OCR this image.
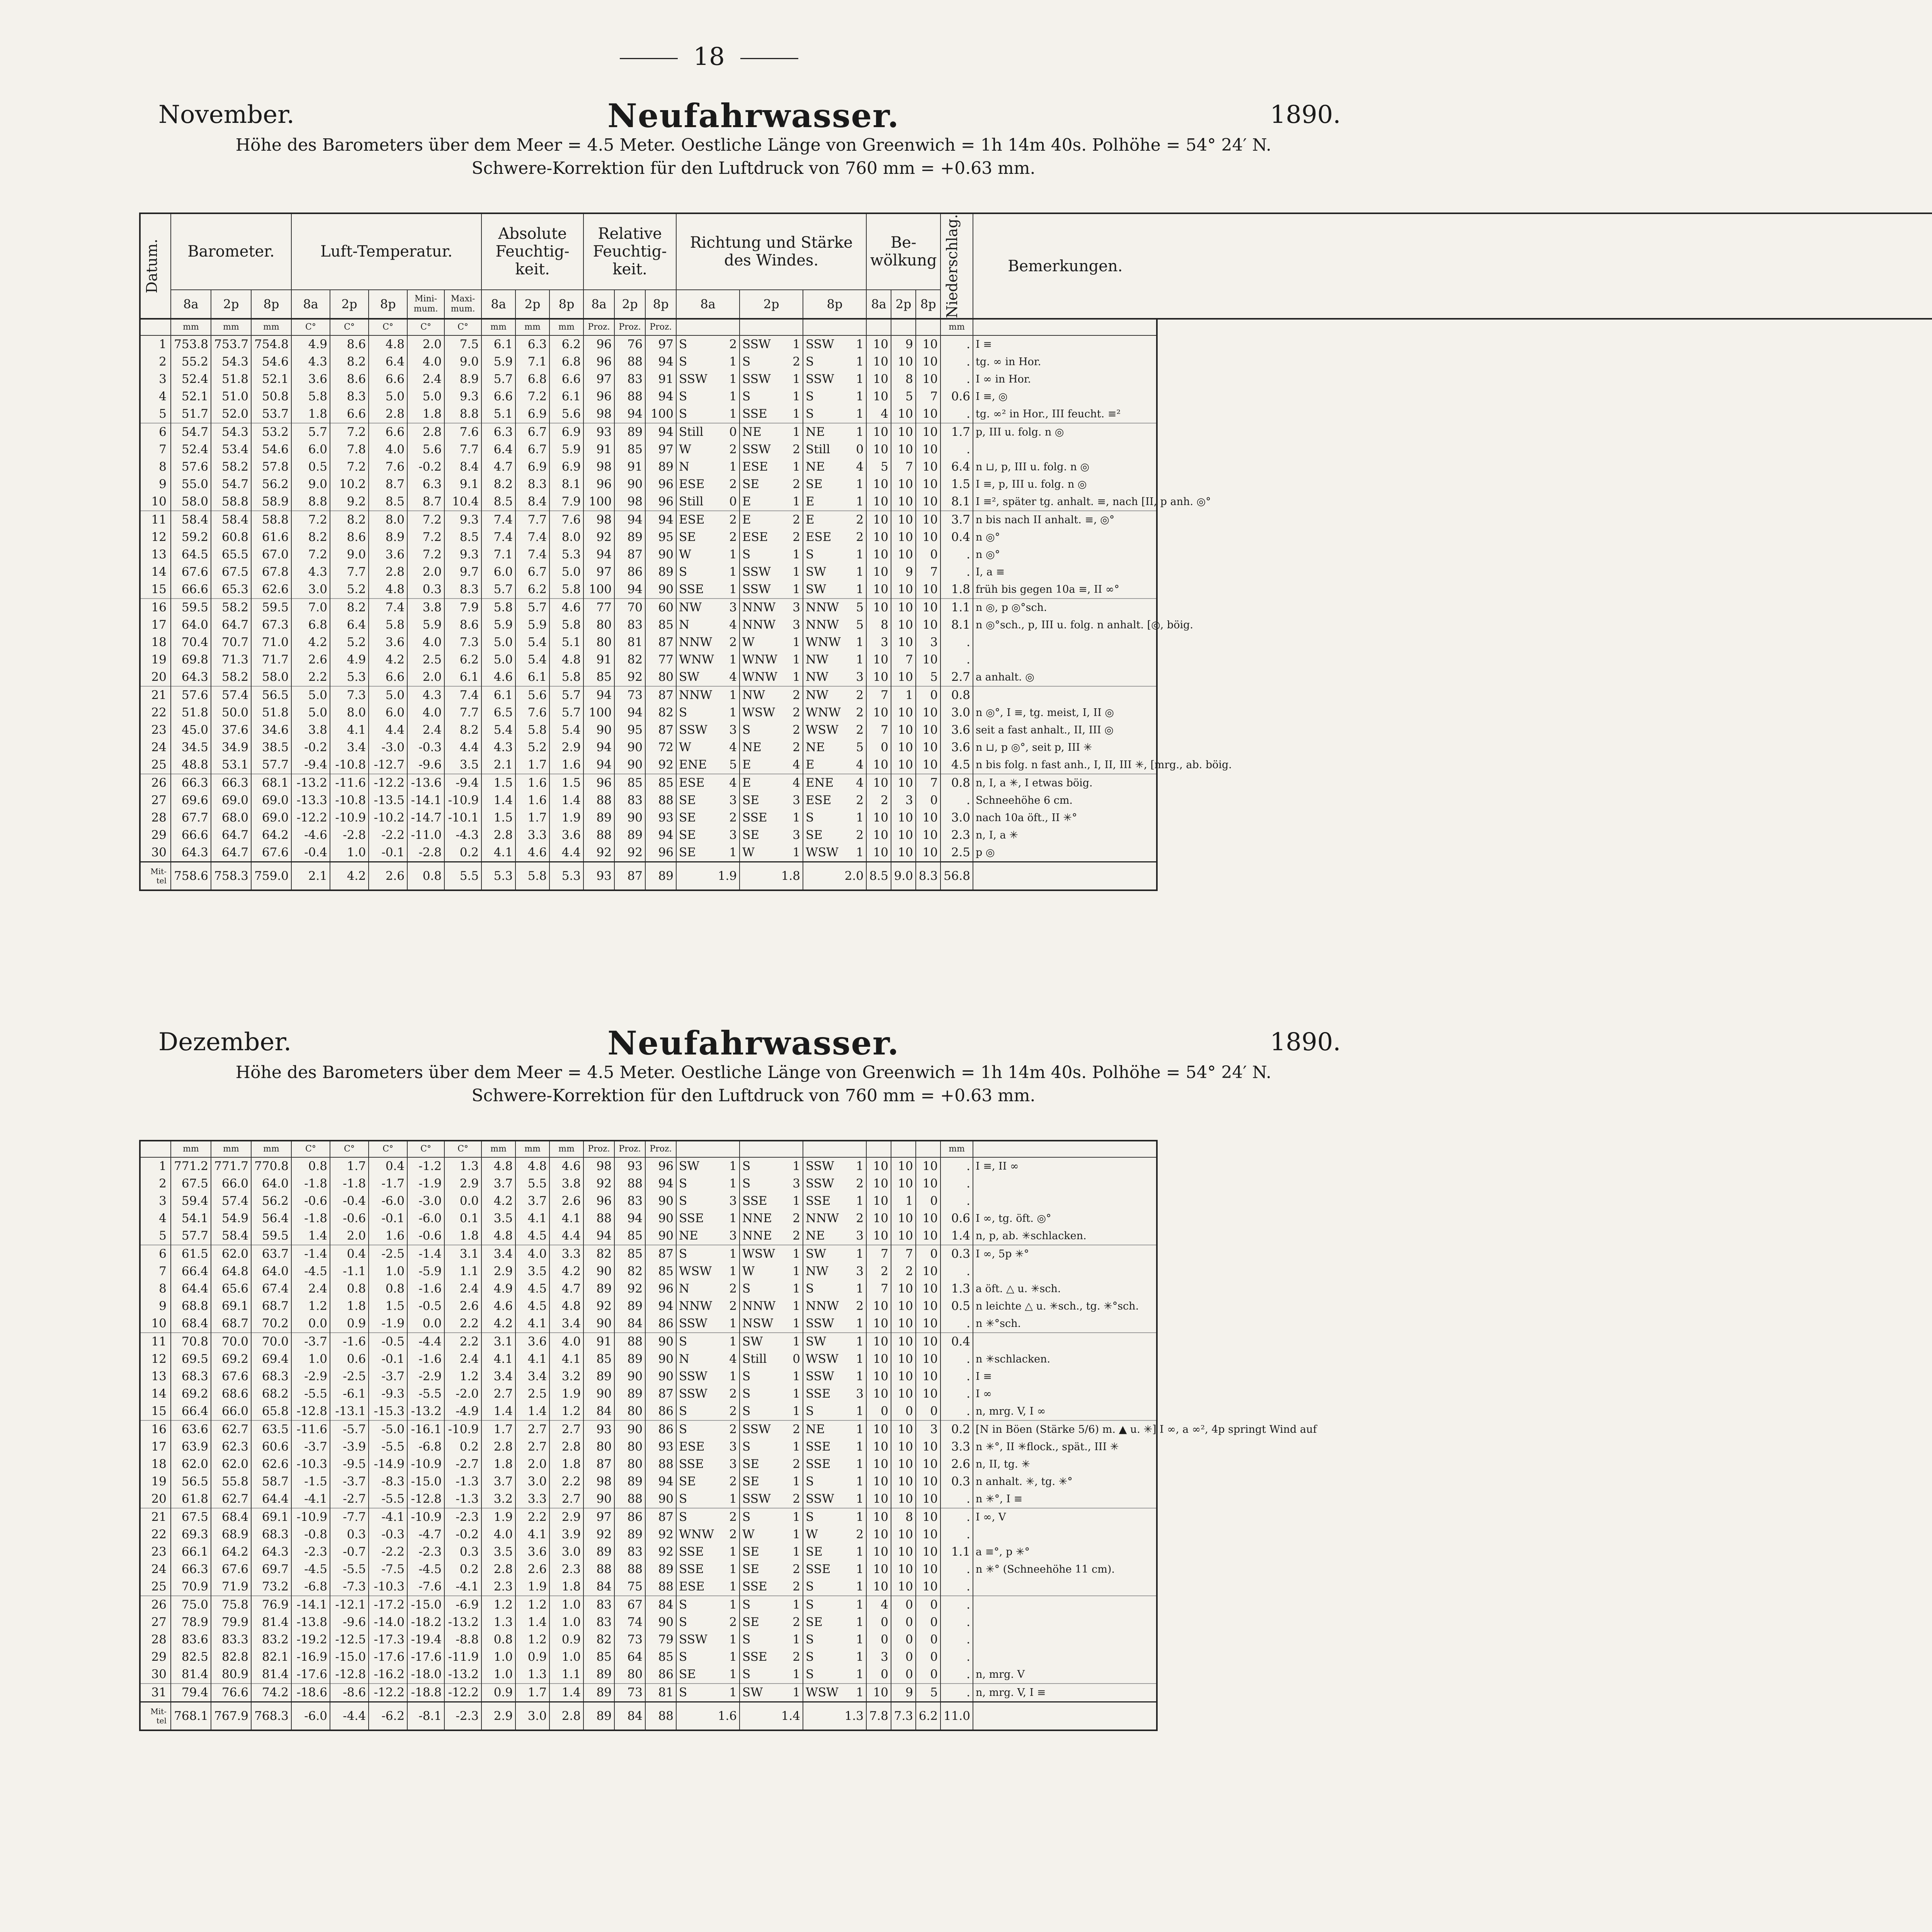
18
November.	Neufahrwasser.	1890.
Höhe des Barometers über dem Meer = 4.5 Meter. Oestliche Länge von Greenwich = 1h 14m 40s. Polhöhe = 54° 24′ N.
Schwere-Korrektion für den Luftdruck von 760 mm = +0.63 mm.
Datum.	Barometer.			Luft-Temperatur.					Absolute Feuchtig-keit.			Relative Feuchtig-keit.			Richtung und Stärke des Windes.			Be-wölkung			Niederschlag.	Bemerkungen.
	8a	2p	8p	8a	2p	8p	Mini-mum.	Maxi-mum.	8a	2p	8p	8a	2p	8p	8a	2p	8p	8a	2p	8p		
	mm	mm	mm	C°	C°	C°	C°	C°	mm	mm	mm	Proz.	Proz.	Proz.										mm	
1	753.8	753.7	754.8	4.9	8.6	4.8	2.0	7.5	6.1	6.3	6.2	96	76	97	S	2	SSW	1	SSW	1	10	9	10	.	I ≡
2	55.2	54.3	54.6	4.3	8.2	6.4	4.0	9.0	5.9	7.1	6.8	96	88	94	S	1	S	2	S	1	10	10	10	.	tg. ∞ in Hor.
3	52.4	51.8	52.1	3.6	8.6	6.6	2.4	8.9	5.7	6.8	6.6	97	83	91	SSW	1	SSW	1	SSW	1	10	8	10	.	I ∞ in Hor.
4	52.1	51.0	50.8	5.8	8.3	5.0	5.0	9.3	6.6	7.2	6.1	96	88	94	S	1	S	1	S	1	10	5	7	0.6	I ≡, ◎
5	51.7	52.0	53.7	1.8	6.6	2.8	1.8	8.8	5.1	6.9	5.6	98	94	100	S	1	SSE	1	S	1	4	10	10	.	tg. ∞² in Hor., III feucht. ≡²
6	54.7	54.3	53.2	5.7	7.2	6.6	2.8	7.6	6.3	6.7	6.9	93	89	94	Still	0	NE	1	NE	1	10	10	10	1.7	p, III u. folg. n ◎
7	52.4	53.4	54.6	6.0	7.8	4.0	5.6	7.7	6.4	6.7	5.9	91	85	97	W	2	SSW	2	Still	0	10	10	10	.	
8	57.6	58.2	57.8	0.5	7.2	7.6	-0.2	8.4	4.7	6.9	6.9	98	91	89	N	1	ESE	1	NE	4	5	7	10	6.4	n ⊔, p, III u. folg. n ◎
9	55.0	54.7	56.2	9.0	10.2	8.7	6.3	9.1	8.2	8.3	8.1	96	90	96	ESE	2	SE	2	SE	1	10	10	10	1.5	I ≡, p, III u. folg. n ◎
10	58.0	58.8	58.9	8.8	9.2	8.5	8.7	10.4	8.5	8.4	7.9	100	98	96	Still	0	E	1	E	1	10	10	10	8.1	I ≡², später tg. anhalt. ≡, nach [II, p anh. ◎°
11	58.4	58.4	58.8	7.2	8.2	8.0	7.2	9.3	7.4	7.7	7.6	98	94	94	ESE	2	E	2	E	2	10	10	10	3.7	n bis nach II anhalt. ≡, ◎°
12	59.2	60.8	61.6	8.2	8.6	8.9	7.2	8.5	7.4	7.4	8.0	92	89	95	SE	2	ESE	2	ESE	2	10	10	10	0.4	n ◎°
13	64.5	65.5	67.0	7.2	9.0	3.6	7.2	9.3	7.1	7.4	5.3	94	87	90	W	1	S	1	S	1	10	10	0	.	n ◎°
14	67.6	67.5	67.8	4.3	7.7	2.8	2.0	9.7	6.0	6.7	5.0	97	86	89	S	1	SSW	1	SW	1	10	9	7	.	I, a ≡
15	66.6	65.3	62.6	3.0	5.2	4.8	0.3	8.3	5.7	6.2	5.8	100	94	90	SSE	1	SSW	1	SW	1	10	10	10	1.8	früh bis gegen 10a ≡, II ∞°
16	59.5	58.2	59.5	7.0	8.2	7.4	3.8	7.9	5.8	5.7	4.6	77	70	60	NW	3	NNW	3	NNW	5	10	10	10	1.1	n ◎, p ◎°sch.
17	64.0	64.7	67.3	6.8	6.4	5.8	5.9	8.6	5.9	5.9	5.8	80	83	85	N	4	NNW	3	NNW	5	8	10	10	8.1	n ◎°sch., p, III u. folg. n anhalt. [◎, böig.
18	70.4	70.7	71.0	4.2	5.2	3.6	4.0	7.3	5.0	5.4	5.1	80	81	87	NNW	2	W	1	WNW	1	3	10	3	.	
19	69.8	71.3	71.7	2.6	4.9	4.2	2.5	6.2	5.0	5.4	4.8	91	82	77	WNW	1	WNW	1	NW	1	10	7	10	.	
20	64.3	58.2	58.0	2.2	5.3	6.6	2.0	6.1	4.6	6.1	5.8	85	92	80	SW	4	WNW	1	NW	3	10	10	5	2.7	a anhalt. ◎
21	57.6	57.4	56.5	5.0	7.3	5.0	4.3	7.4	6.1	5.6	5.7	94	73	87	NNW	1	NW	2	NW	2	7	1	0	0.8	
22	51.8	50.0	51.8	5.0	8.0	6.0	4.0	7.7	6.5	7.6	5.7	100	94	82	S	1	WSW	2	WNW	2	10	10	10	3.0	n ◎°, I ≡, tg. meist, I, II ◎
23	45.0	37.6	34.6	3.8	4.1	4.4	2.4	8.2	5.4	5.8	5.4	90	95	87	SSW	3	S	2	WSW	2	7	10	10	3.6	seit a fast anhalt., II, III ◎
24	34.5	34.9	38.5	-0.2	3.4	-3.0	-0.3	4.4	4.3	5.2	2.9	94	90	72	W	4	NE	2	NE	5	0	10	10	3.6	n ⊔, p ◎°, seit p, III ✳
25	48.8	53.1	57.7	-9.4	-10.8	-12.7	-9.6	3.5	2.1	1.7	1.6	94	90	92	ENE	5	E	4	E	4	10	10	10	4.5	n bis folg. n fast anh., I, II, III ✳, [mrg., ab. böig.
26	66.3	66.3	68.1	-13.2	-11.6	-12.2	-13.6	-9.4	1.5	1.6	1.5	96	85	85	ESE	4	E	4	ENE	4	10	10	7	0.8	n, I, a ✳, I etwas böig.
27	69.6	69.0	69.0	-13.3	-10.8	-13.5	-14.1	-10.9	1.4	1.6	1.4	88	83	88	SE	3	SE	3	ESE	2	2	3	0	.	Schneehöhe 6 cm.
28	67.7	68.0	69.0	-12.2	-10.9	-10.2	-14.7	-10.1	1.5	1.7	1.9	89	90	93	SE	2	SSE	1	S	1	10	10	10	3.0	nach 10a öft., II ✳°
29	66.6	64.7	64.2	-4.6	-2.8	-2.2	-11.0	-4.3	2.8	3.3	3.6	88	89	94	SE	3	SE	3	SE	2	10	10	10	2.3	n, I, a ✳
30	64.3	64.7	67.6	-0.4	1.0	-0.1	-2.8	0.2	4.1	4.6	4.4	92	92	96	SE	1	W	1	WSW	1	10	10	10	2.5	p ◎
Mit-tel	758.6	758.3	759.0	2.1	4.2	2.6	0.8	5.5	5.3	5.8	5.3	93	87	89	1.9		1.8		2.0		8.5	9.0	8.3	56.8	
Dezember.	Neufahrwasser.	1890.
Höhe des Barometers über dem Meer = 4.5 Meter. Oestliche Länge von Greenwich = 1h 14m 40s. Polhöhe = 54° 24′ N.
Schwere-Korrektion für den Luftdruck von 760 mm = +0.63 mm.
	mm	mm	mm	C°	C°	C°	C°	C°	mm	mm	mm	Proz.	Proz.	Proz.										mm	
1	771.2	771.7	770.8	0.8	1.7	0.4	-1.2	1.3	4.8	4.8	4.6	98	93	96	SW	1	S	1	SSW	1	10	10	10	.	I ≡, II ∞
2	67.5	66.0	64.0	-1.8	-1.8	-1.7	-1.9	2.9	3.7	5.5	3.8	92	88	94	S	1	S	3	SSW	2	10	10	10	.	
3	59.4	57.4	56.2	-0.6	-0.4	-6.0	-3.0	0.0	4.2	3.7	2.6	96	83	90	S	3	SSE	1	SSE	1	10	1	0	.	
4	54.1	54.9	56.4	-1.8	-0.6	-0.1	-6.0	0.1	3.5	4.1	4.1	88	94	90	SSE	1	NNE	2	NNW	2	10	10	10	0.6	I ∞, tg. öft. ◎°
5	57.7	58.4	59.5	1.4	2.0	1.6	-0.6	1.8	4.8	4.5	4.4	94	85	90	NE	3	NNE	2	NE	3	10	10	10	1.4	n, p, ab. ✳schlacken.
6	61.5	62.0	63.7	-1.4	0.4	-2.5	-1.4	3.1	3.4	4.0	3.3	82	85	87	S	1	WSW	1	SW	1	7	7	0	0.3	I ∞, 5p ✳°
7	66.4	64.8	64.0	-4.5	-1.1	1.0	-5.9	1.1	2.9	3.5	4.2	90	82	85	WSW	1	W	1	NW	3	2	2	10	.	
8	64.4	65.6	67.4	2.4	0.8	0.8	-1.6	2.4	4.9	4.5	4.7	89	92	96	N	2	S	1	S	1	7	10	10	1.3	a öft. △ u. ✳sch.
9	68.8	69.1	68.7	1.2	1.8	1.5	-0.5	2.6	4.6	4.5	4.8	92	89	94	NNW	2	NNW	1	NNW	2	10	10	10	0.5	n leichte △ u. ✳sch., tg. ✳°sch.
10	68.4	68.7	70.2	0.0	0.9	-1.9	0.0	2.2	4.2	4.1	3.4	90	84	86	SSW	1	NSW	1	SSW	1	10	10	10	.	n ✳°sch.
11	70.8	70.0	70.0	-3.7	-1.6	-0.5	-4.4	2.2	3.1	3.6	4.0	91	88	90	S	1	SW	1	SW	1	10	10	10	0.4	
12	69.5	69.2	69.4	1.0	0.6	-0.1	-1.6	2.4	4.1	4.1	4.1	85	89	90	N	4	Still	0	WSW	1	10	10	10	.	n ✳schlacken.
13	68.3	67.6	68.3	-2.9	-2.5	-3.7	-2.9	1.2	3.4	3.4	3.2	89	90	90	SSW	1	S	1	SSW	1	10	10	10	.	I ≡
14	69.2	68.6	68.2	-5.5	-6.1	-9.3	-5.5	-2.0	2.7	2.5	1.9	90	89	87	SSW	2	S	1	SSE	3	10	10	10	.	I ∞
15	66.4	66.0	65.8	-12.8	-13.1	-15.3	-13.2	-4.9	1.4	1.4	1.2	84	80	86	S	2	S	1	S	1	0	0	0	.	n, mrg. V, I ∞
16	63.6	62.7	63.5	-11.6	-5.7	-5.0	-16.1	-10.9	1.7	2.7	2.7	93	90	86	S	2	SSW	2	NE	1	10	10	3	0.2	[N in Böen (Stärke 5/6) m. ▲ u. ✳] I ∞, a ∞², 4p springt Wind auf
17	63.9	62.3	60.6	-3.7	-3.9	-5.5	-6.8	0.2	2.8	2.7	2.8	80	80	93	ESE	3	S	1	SSE	1	10	10	10	3.3	n ✳°, II ✳flock., spät., III ✳
18	62.0	62.0	62.6	-10.3	-9.5	-14.9	-10.9	-2.7	1.8	2.0	1.8	87	80	88	SSE	3	SE	2	SSE	1	10	10	10	2.6	n, II, tg. ✳
19	56.5	55.8	58.7	-1.5	-3.7	-8.3	-15.0	-1.3	3.7	3.0	2.2	98	89	94	SE	2	SE	1	S	1	10	10	10	0.3	n anhalt. ✳, tg. ✳°
20	61.8	62.7	64.4	-4.1	-2.7	-5.5	-12.8	-1.3	3.2	3.3	2.7	90	88	90	S	1	SSW	2	SSW	1	10	10	10	.	n ✳°, I ≡
21	67.5	68.4	69.1	-10.9	-7.7	-4.1	-10.9	-2.3	1.9	2.2	2.9	97	86	87	S	2	S	1	S	1	10	8	10	.	I ∞, V
22	69.3	68.9	68.3	-0.8	0.3	-0.3	-4.7	-0.2	4.0	4.1	3.9	92	89	92	WNW	2	W	1	W	2	10	10	10	.	
23	66.1	64.2	64.3	-2.3	-0.7	-2.2	-2.3	0.3	3.5	3.6	3.0	89	83	92	SSE	1	SE	1	SE	1	10	10	10	1.1	a ≡°, p ✳°
24	66.3	67.6	69.7	-4.5	-5.5	-7.5	-4.5	0.2	2.8	2.6	2.3	88	88	89	SSE	1	SE	2	SSE	1	10	10	10	.	n ✳° (Schneehöhe 11 cm).
25	70.9	71.9	73.2	-6.8	-7.3	-10.3	-7.6	-4.1	2.3	1.9	1.8	84	75	88	ESE	1	SSE	2	S	1	10	10	10	.	
26	75.0	75.8	76.9	-14.1	-12.1	-17.2	-15.0	-6.9	1.2	1.2	1.0	83	67	84	S	1	S	1	S	1	4	0	0	.	
27	78.9	79.9	81.4	-13.8	-9.6	-14.0	-18.2	-13.2	1.3	1.4	1.0	83	74	90	S	2	SE	2	SE	1	0	0	0	.	
28	83.6	83.3	83.2	-19.2	-12.5	-17.3	-19.4	-8.8	0.8	1.2	0.9	82	73	79	SSW	1	S	1	S	1	0	0	0	.	
29	82.5	82.8	82.1	-16.9	-15.0	-17.6	-17.6	-11.9	1.0	0.9	1.0	85	64	85	S	1	SSE	2	S	1	3	0	0	.	
30	81.4	80.9	81.4	-17.6	-12.8	-16.2	-18.0	-13.2	1.0	1.3	1.1	89	80	86	SE	1	S	1	S	1	0	0	0	.	n, mrg. V
31	79.4	76.6	74.2	-18.6	-8.6	-12.2	-18.8	-12.2	0.9	1.7	1.4	89	73	81	S	1	SW	1	WSW	1	10	9	5	.	n, mrg. V, I ≡
Mit-tel	768.1	767.9	768.3	-6.0	-4.4	-6.2	-8.1	-2.3	2.9	3.0	2.8	89	84	88	1.6		1.4		1.3		7.8	7.3	6.2	11.0	
